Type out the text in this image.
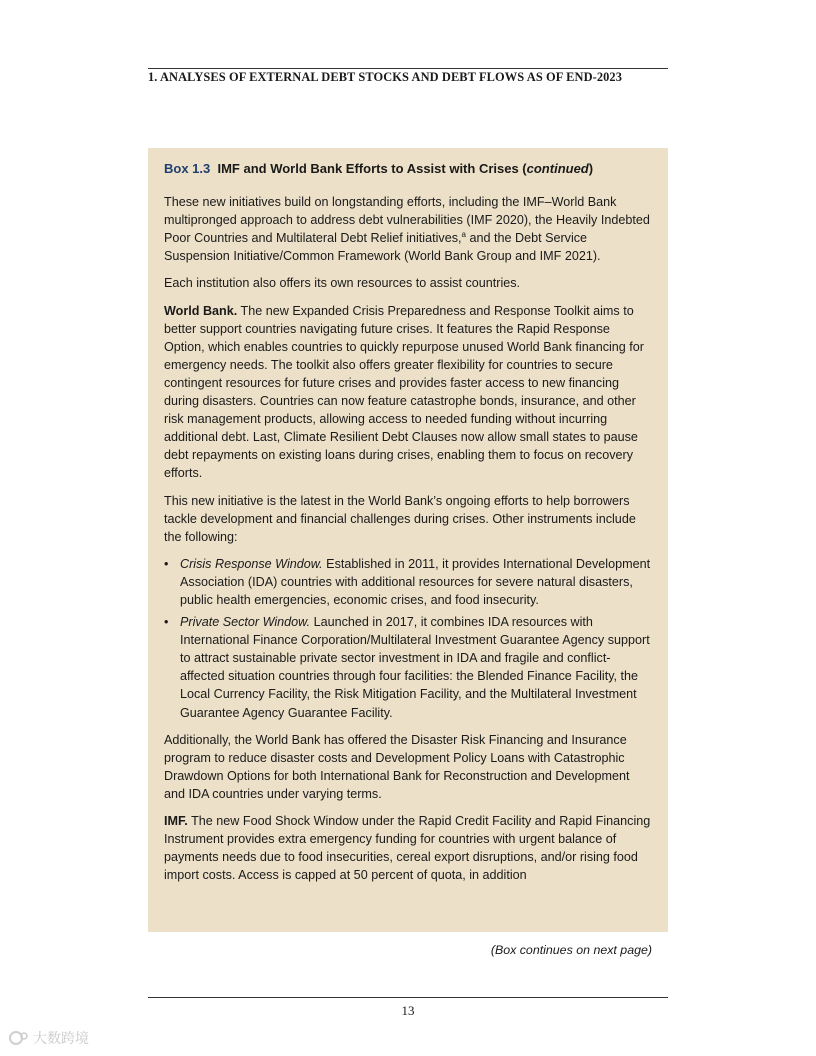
1. ANALYSES OF EXTERNAL DEBT STOCKS AND DEBT FLOWS AS OF END-2023
Box 1.3 IMF and World Bank Efforts to Assist with Crises (continued)

These new initiatives build on longstanding efforts, including the IMF–World Bank multipronged approach to address debt vulnerabilities (IMF 2020), the Heavily Indebted Poor Countries and Multilateral Debt Relief initiatives,$^a$ and the Debt Service Suspension Initiative/Common Framework (World Bank Group and IMF 2021).

Each institution also offers its own resources to assist countries.

World Bank. The new Expanded Crisis Preparedness and Response Toolkit aims to better support countries navigating future crises. It features the Rapid Response Option, which enables countries to quickly repurpose unused World Bank financing for emergency needs. The toolkit also offers greater flexibility for countries to secure contingent resources for future crises and provides faster access to new financing during disasters. Countries can now feature catastrophe bonds, insurance, and other risk management products, allowing access to needed funding without incurring additional debt. Last, Climate Resilient Debt Clauses now allow small states to pause debt repayments on existing loans during crises, enabling them to focus on recovery efforts.

This new initiative is the latest in the World Bank’s ongoing efforts to help borrowers tackle development and financial challenges during crises. Other instruments include the following:

• Crisis Response Window. Established in 2011, it provides International Development Association (IDA) countries with additional resources for severe natural disasters, public health emergencies, economic crises, and food insecurity.
• Private Sector Window. Launched in 2017, it combines IDA resources with International Finance Corporation/Multilateral Investment Guarantee Agency support to attract sustainable private sector investment in IDA and fragile and conflict-affected situation countries through four facilities: the Blended Finance Facility, the Local Currency Facility, the Risk Mitigation Facility, and the Multilateral Investment Guarantee Agency Guarantee Facility.

Additionally, the World Bank has offered the Disaster Risk Financing and Insurance program to reduce disaster costs and Development Policy Loans with Catastrophic Drawdown Options for both International Bank for Reconstruction and Development and IDA countries under varying terms.

IMF. The new Food Shock Window under the Rapid Credit Facility and Rapid Financing Instrument provides extra emergency funding for countries with urgent balance of payments needs due to food insecurities, cereal export disruptions, and/or rising food import costs. Access is capped at 50 percent of quota, in addition

(Box continues on next page)
13
大数跨境
